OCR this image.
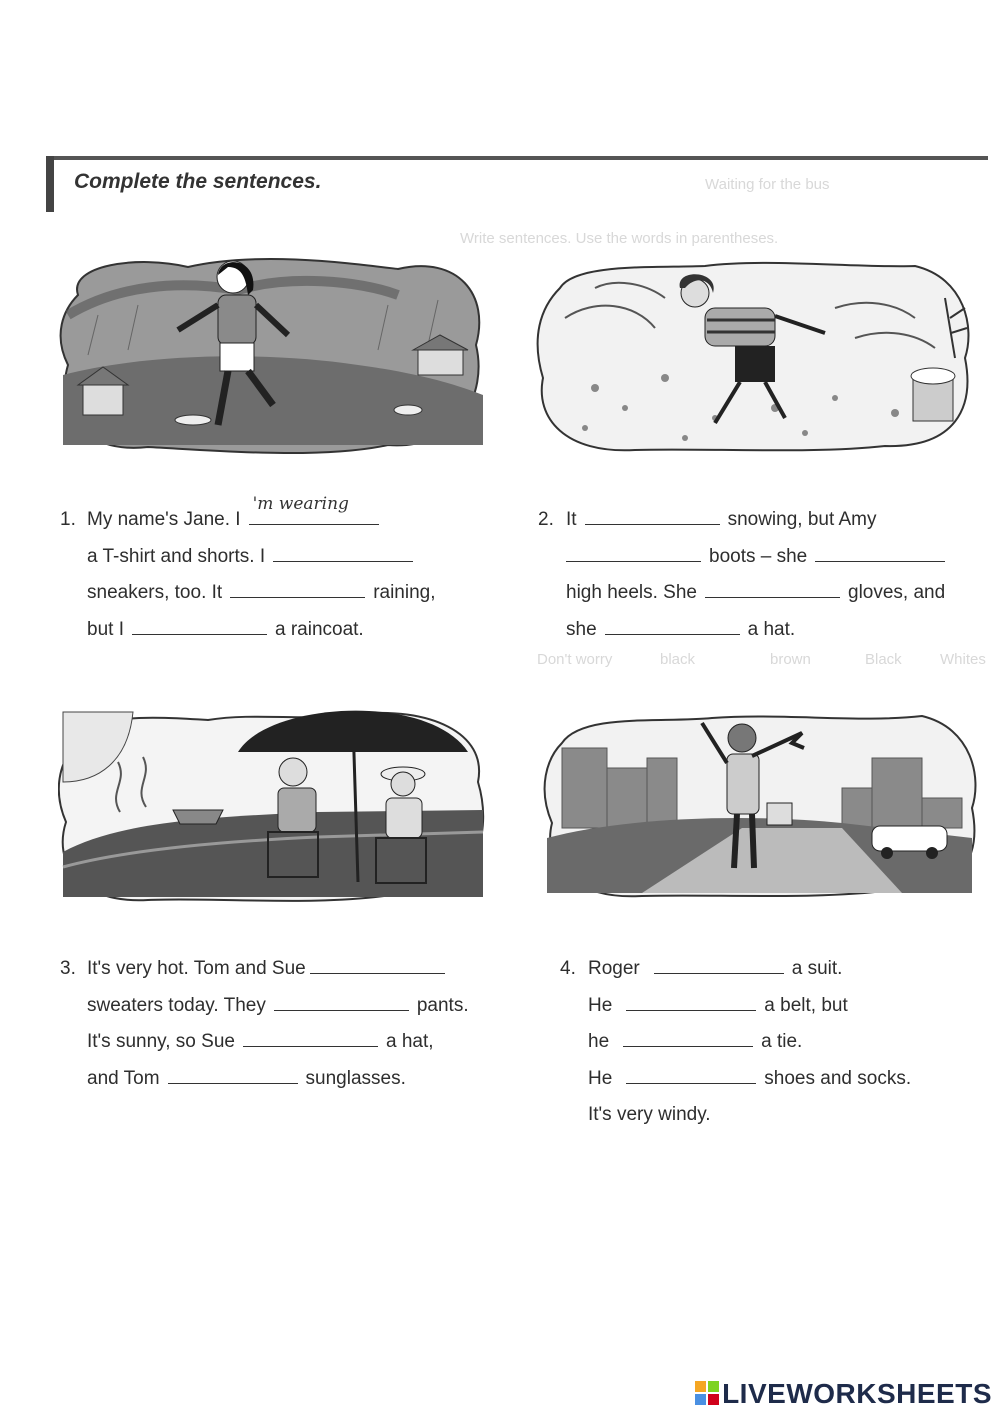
Complete the sentences.	Waiting for the bus
Write sentences. Use the words in parentheses.
brown
black
Don't worry	Black	Whites
1. My name's Jane. I
'm wearing
a T-shirt and shorts. I
sneakers, too. It	raining,
but I	a raincoat.
2. It	snowing, but Amy
boots – she
high heels. She	gloves, and
she	a hat.
3. It's very hot. Tom and Sue
sweaters today. They	pants.
It's sunny, so Sue	a hat,
and Tom	sunglasses.
4. Roger	a suit.
He	a belt, but
he	a tie.
He	shoes and socks.
It's very windy.
LIVEWORKSHEETS
